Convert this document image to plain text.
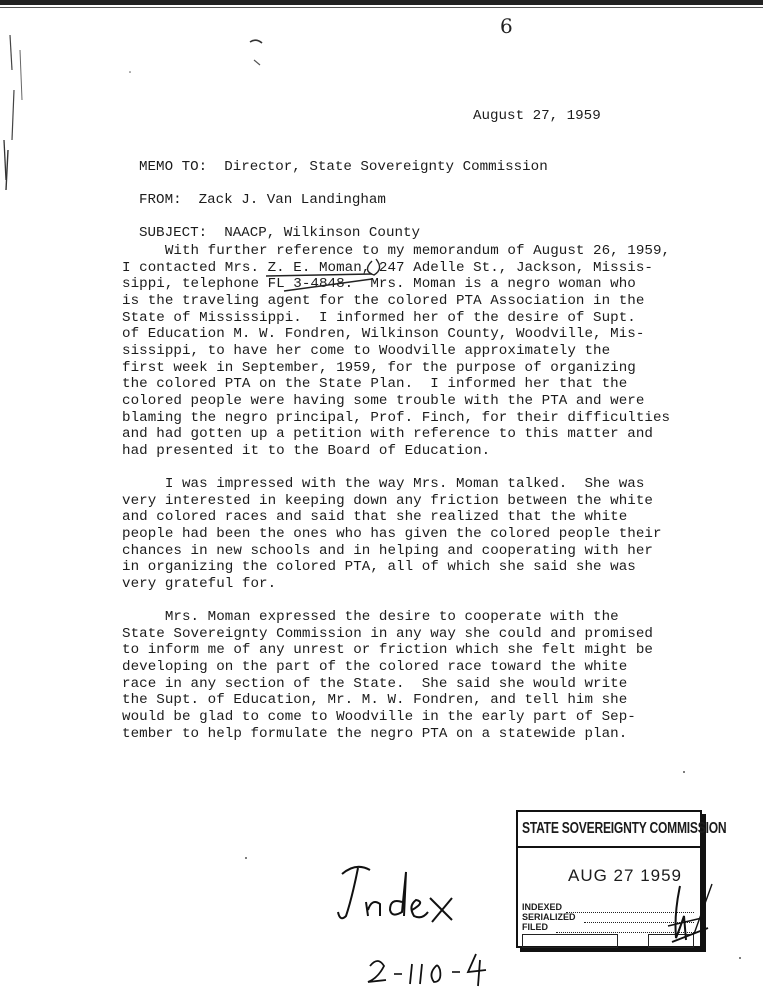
6
August 27, 1959

MEMO TO: Director, State Sovereignty Commission

FROM: Zack J. Van Landingham

SUBJECT: NAACP, Wilkinson County

With further reference to my memorandum of August 26, 1959,
I contacted Mrs. Z. E. Moman, 247 Adelle St., Jackson, Missis-
sippi, telephone FL 3-4848.  Mrs. Moman is a negro woman who
is the traveling agent for the colored PTA Association in the
State of Mississippi.  I informed her of the desire of Supt.
of Education M. W. Fondren, Wilkinson County, Woodville, Mis-
sissippi, to have her come to Woodville approximately the
first week in September, 1959, for the purpose of organizing
the colored PTA on the State Plan.  I informed her that the
colored people were having some trouble with the PTA and were
blaming the negro principal, Prof. Finch, for their difficulties
and had gotten up a petition with reference to this matter and
had presented it to the Board of Education.
I was impressed with the way Mrs. Moman talked.  She was
very interested in keeping down any friction between the white
and colored races and said that she realized that the white
people had been the ones who has given the colored people their
chances in new schools and in helping and cooperating with her
in organizing the colored PTA, all of which she said she was
very grateful for.
Mrs. Moman expressed the desire to cooperate with the
State Sovereignty Commission in any way she could and promised
to inform me of any unrest or friction which she felt might be
developing on the part of the colored race toward the white
race in any section of the State.  She said she would write
the Supt. of Education, Mr. M. W. Fondren, and tell him she
would be glad to come to Woodville in the early part of Sep-
tember to help formulate the negro PTA on a statewide plan.
STATE SOVEREIGNTY COMMISSION
AUG 27 1959
INDEXED
SERIALIZED
FILED
